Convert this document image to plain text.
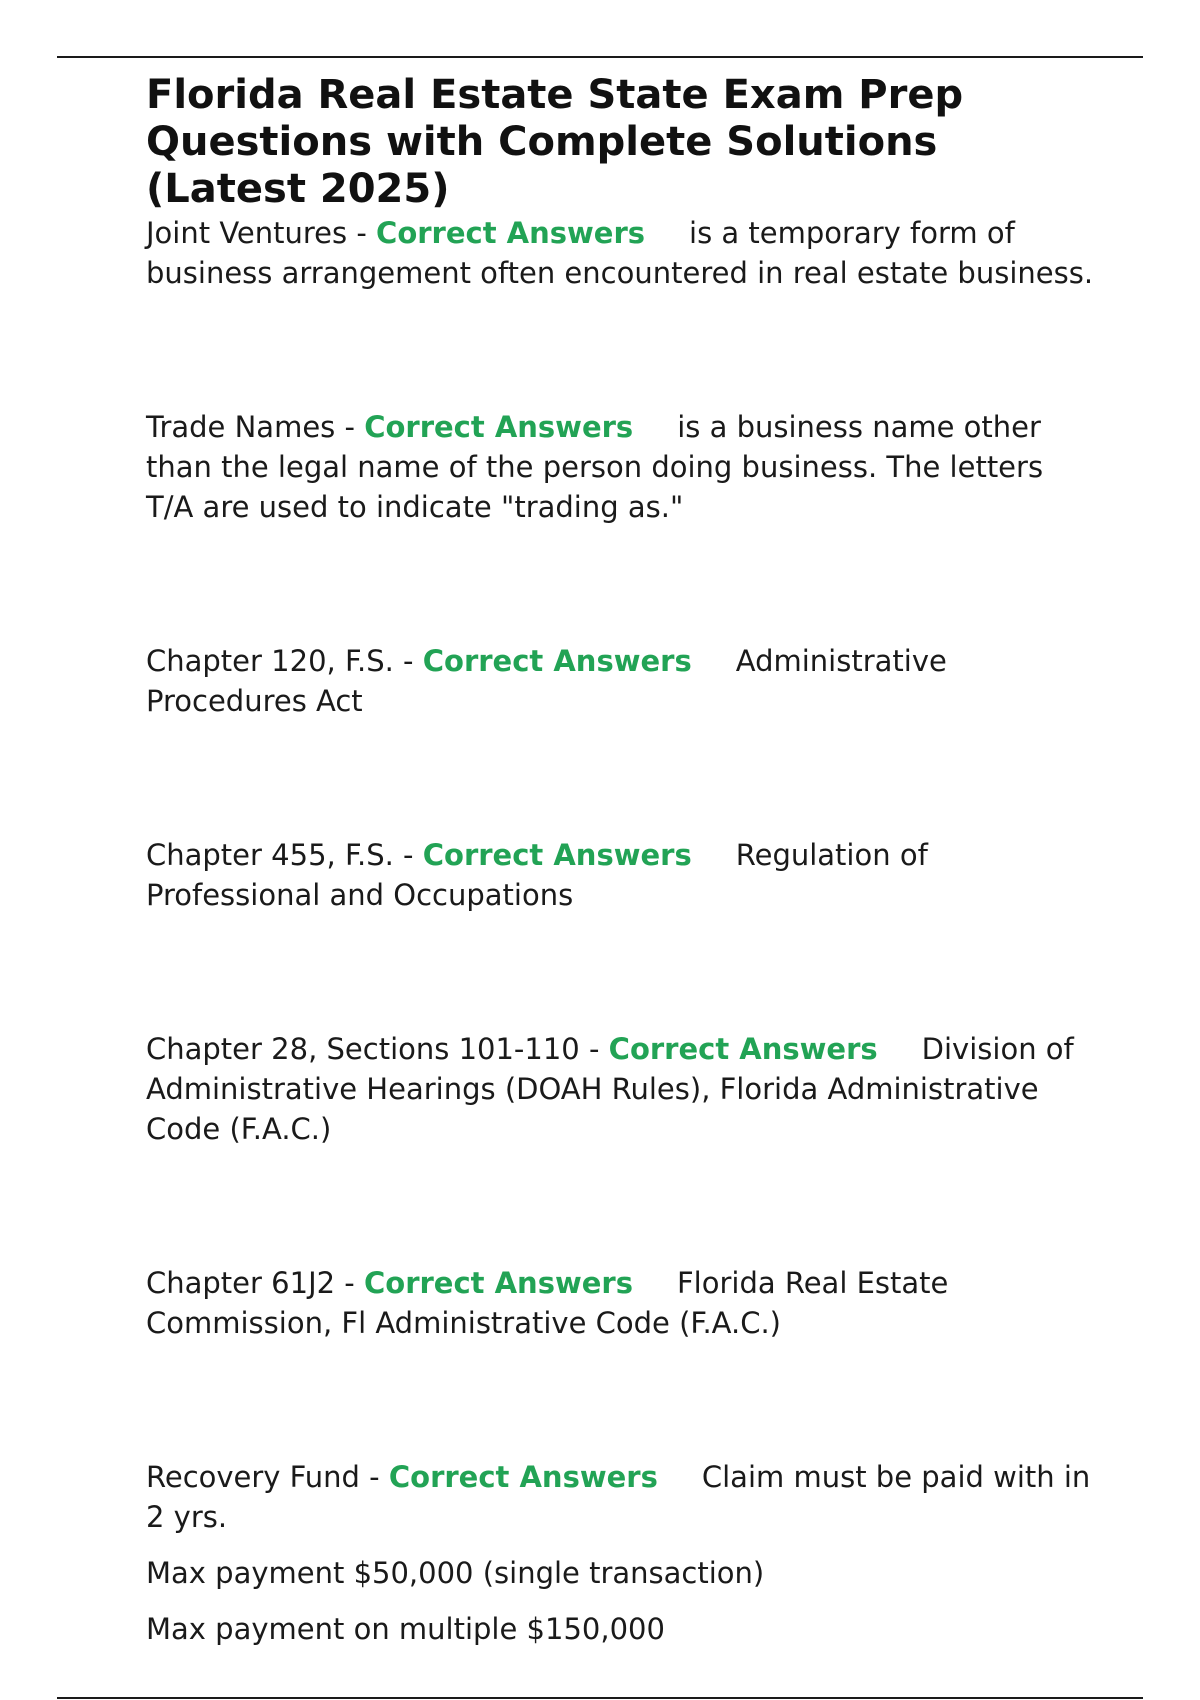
Florida Real Estate State Exam Prep Questions with Complete Solutions (Latest 2025)

Joint Ventures - Correct Answers is a temporary form of business arrangement often encountered in real estate business.

Trade Names - Correct Answers is a business name other than the legal name of the person doing business. The letters T/A are used to indicate "trading as."

Chapter 120, F.S. - Correct Answers Administrative Procedures Act

Chapter 455, F.S. - Correct Answers Regulation of Professional and Occupations

Chapter 28, Sections 101-110 - Correct Answers Division of Administrative Hearings (DOAH Rules), Florida Administrative Code (F.A.C.)

Chapter 61J2 - Correct Answers Florida Real Estate Commission, Fl Administrative Code (F.A.C.)

Recovery Fund - Correct Answers Claim must be paid with in 2 yrs.

Max payment $50,000 (single transaction)

Max payment on multiple $150,000
